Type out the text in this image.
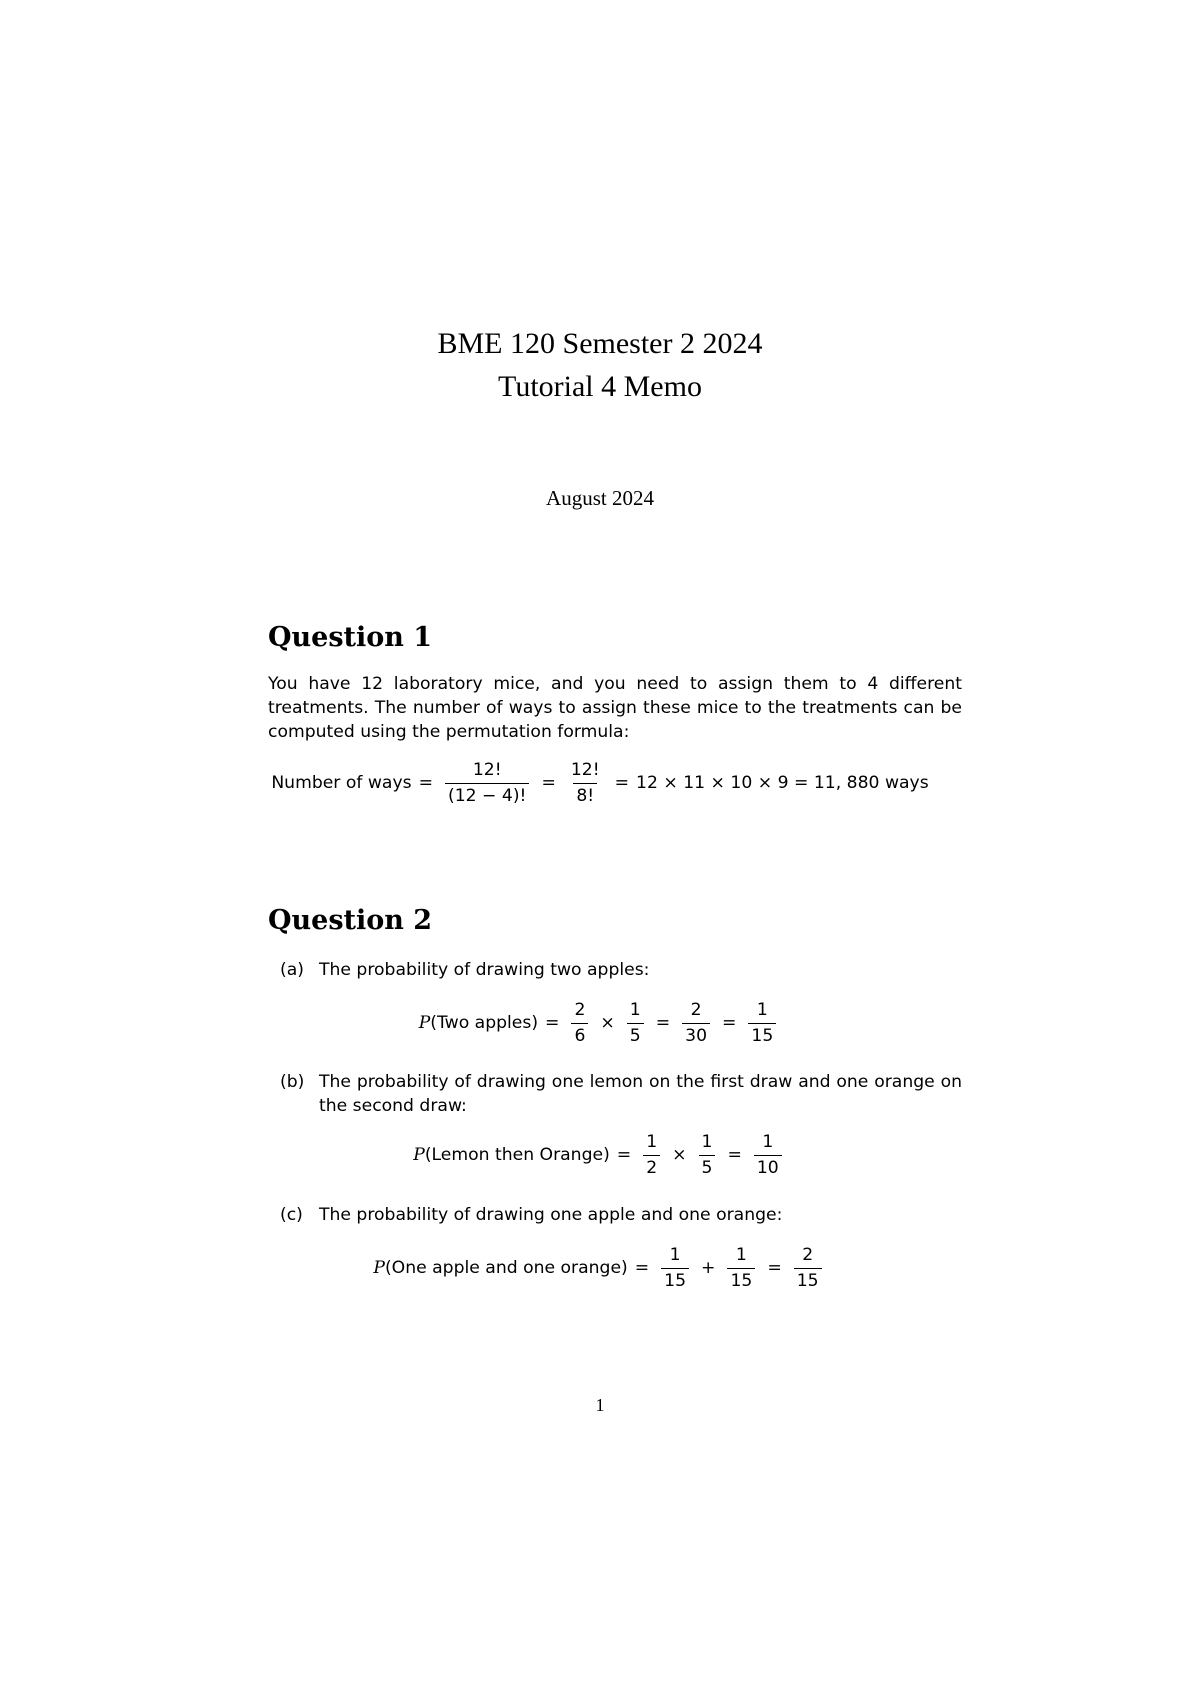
BME 120 Semester 2 2024
Tutorial 4 Memo
August 2024
Question 1

You have 12 laboratory mice, and you need to assign them to 4 different treatments. The number of ways to assign these mice to the treatments can be computed using the permutation formula:

Number of ways = $\frac{12!}{(12 - 4)!} = \frac{12!}{8!} = 12 \times 11 \times 10 \times 9 = 11$, 880 ways
Question 2
(a) The probability of drawing two apples:
P (Two apples) = $\frac{2}{6} \times \frac{1}{5} = \frac{2}{30} = \frac{1}{15}$
(b) The probability of drawing one lemon on the first draw and one orange on the second draw:
P (Lemon then Orange) = $\frac{1}{2} \times \frac{1}{5} = \frac{1}{10}$
(c) The probability of drawing one apple and one orange:
P (One apple and one orange) = $\frac{1}{15} + \frac{1}{15} = \frac{2}{15}$
1
